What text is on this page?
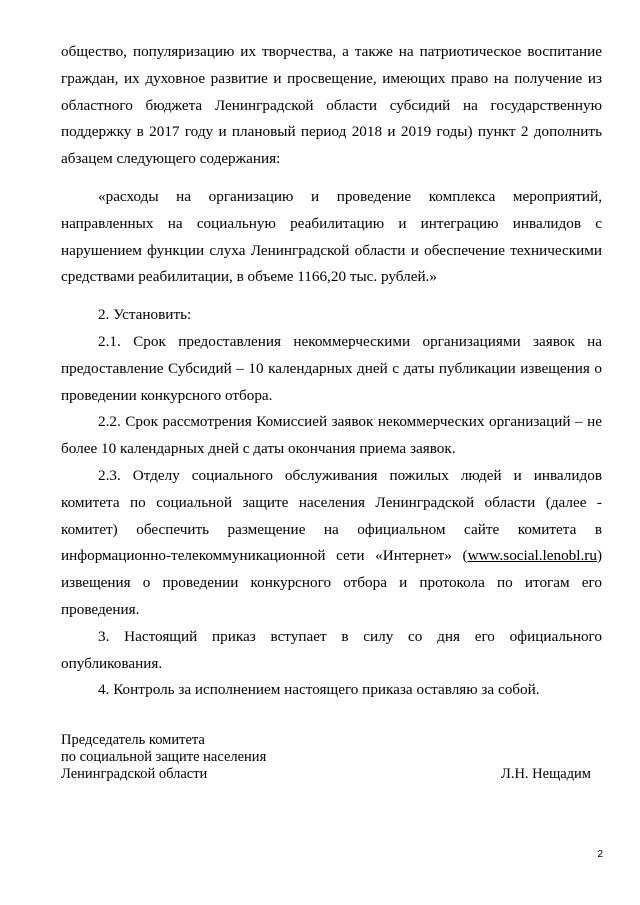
общество, популяризацию их творчества, а также на патриотическое воспитание граждан, их духовное развитие и просвещение, имеющих право на получение из областного бюджета Ленинградской области субсидий на государственную поддержку в 2017 году и плановый период 2018 и 2019 годы) пункт 2 дополнить абзацем следующего содержания:

«расходы на организацию и проведение комплекса мероприятий, направленных на социальную реабилитацию и интеграцию инвалидов с нарушением функции слуха Ленинградской области и обеспечение техническими средствами реабилитации, в объеме 1166,20 тыс. рублей.»

2. Установить:

2.1. Срок предоставления некоммерческими организациями заявок на предоставление Субсидий – 10 календарных дней с даты публикации извещения о проведении конкурсного отбора.

2.2. Срок рассмотрения Комиссией заявок некоммерческих организаций – не более 10 календарных дней с даты окончания приема заявок.

2.3. Отделу социального обслуживания пожилых людей и инвалидов комитета по социальной защите населения Ленинградской области (далее - комитет) обеспечить размещение на официальном сайте комитета в информационно-телекоммуникационной сети «Интернет» (www.social.lenobl.ru) извещения о проведении конкурсного отбора и протокола по итогам его проведения.

3. Настоящий приказ вступает в силу со дня его официального опубликования.

4. Контроль за исполнением настоящего приказа оставляю за собой.

Председатель комитета
по социальной защите населения
Ленинградской области	Л.Н. Нещадим
2
